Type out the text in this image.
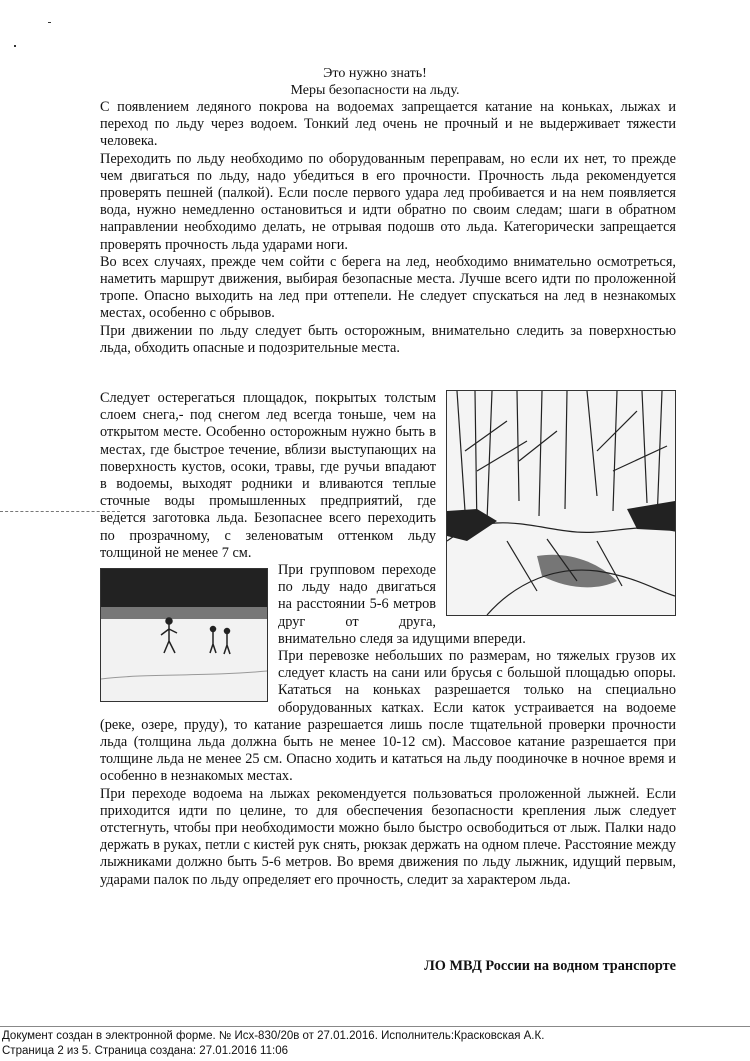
Это нужно знать!
Меры безопасности на льду.
С появлением ледяного покрова на водоемах запрещается катание на коньках, лыжах и переход по льду через водоем. Тонкий лед очень не прочный и не выдерживает тяжести человека.
Переходить по льду необходимо по оборудованным переправам, но если их нет, то прежде чем двигаться по льду, надо убедиться в его прочности. Прочность льда рекомендуется проверять пешней (палкой). Если после первого удара лед пробивается и на нем появляется вода, нужно немедленно остановиться и идти обратно по своим следам; шаги в обратном направлении необходимо делать, не отрывая подошв ото льда. Категорически запрещается проверять прочность льда ударами ноги.
Во всех случаях, прежде чем сойти с берега на лед, необходимо внимательно осмотреться, наметить маршрут движения, выбирая безопасные места. Лучше всего идти по проложенной тропе. Опасно выходить на лед при оттепели. Не следует спускаться на лед в незнакомых местах, особенно с обрывов.
При движении по льду следует быть осторожным, внимательно следить за поверхностью льда, обходить опасные и подозрительные места.

Следует остерегаться площадок, покрытых толстым слоем снега,- под снегом лед всегда тоньше, чем на открытом месте. Особенно осторожным нужно быть в местах, где быстрое течение, вблизи выступающих на поверхность кустов, осоки, травы, где ручьи впадают в водоемы, выходят родники и вливаются теплые сточные воды промышленных предприятий, где ведется заготовка льда. Безопаснее всего переходить по прозрачному, с зеленоватым оттенком льду толщиной не менее 7 см.

При групповом переходе по льду надо двигаться на расстоянии 5-6 метров друг от друга, внимательно следя за идущими впереди.

При перевозке небольших по размерам, но тяжелых грузов их следует класть на сани или брусья с большой площадью опоры. Кататься на коньках разрешается только на специально оборудованных катках. Если каток устраивается на водоеме (реке, озере, пруду), то катание разрешается лишь после тщательной проверки прочности льда (толщина льда должна быть не менее 10-12 см). Массовое катание разрешается при толщине льда не менее 25 см. Опасно ходить и кататься на льду поодиночке в ночное время и особенно в незнакомых местах.

При переходе водоема на лыжах рекомендуется пользоваться проложенной лыжней. Если приходится идти по целине, то для обеспечения безопасности крепления лыж следует отстегнуть, чтобы при необходимости можно было быстро освободиться от лыж. Палки надо держать в руках, петли с кистей рук снять, рюкзак держать на одном плече. Расстояние между лыжниками должно быть 5-6 метров. Во время движения по льду лыжник, идущий первым, ударами палок по льду определяет его прочность, следит за характером льда.

ЛО МВД России на водном транспорте
Документ создан в электронной форме. № Исх-830/20в от 27.01.2016. Исполнитель:Красковская А.К.
Страница 2 из 5. Страница создана: 27.01.2016 11:06
